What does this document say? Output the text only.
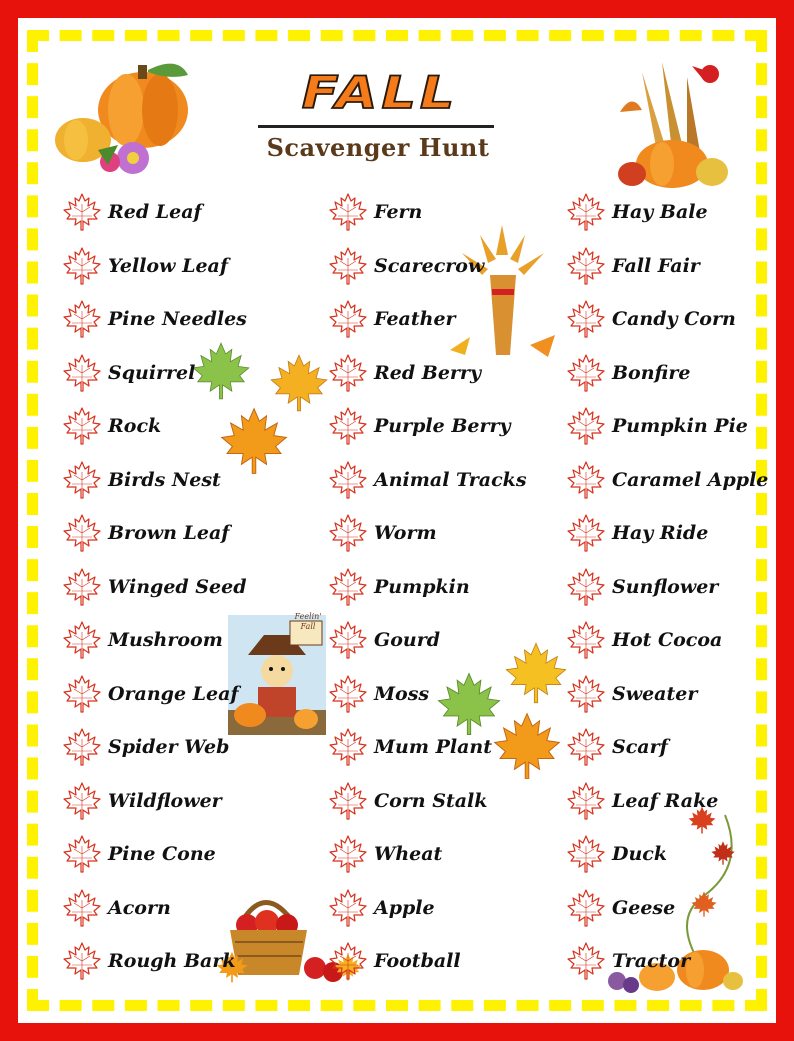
FALL
Scavenger Hunt
Feelin' Fall
Red Leaf
Yellow Leaf
Pine Needles
Squirrel
Rock
Birds Nest
Brown Leaf
Winged Seed
Mushroom
Orange Leaf
Spider Web
Wildflower
Pine Cone
Acorn
Rough Bark
Fern
Scarecrow
Feather
Red Berry
Purple Berry
Animal Tracks
Worm
Pumpkin
Gourd
Moss
Mum Plant
Corn Stalk
Wheat
Apple
Football
Hay Bale
Fall Fair
Candy Corn
Bonfire
Pumpkin Pie
Caramel Apple
Hay Ride
Sunflower
Hot Cocoa
Sweater
Scarf
Leaf Rake
Duck
Geese
Tractor
